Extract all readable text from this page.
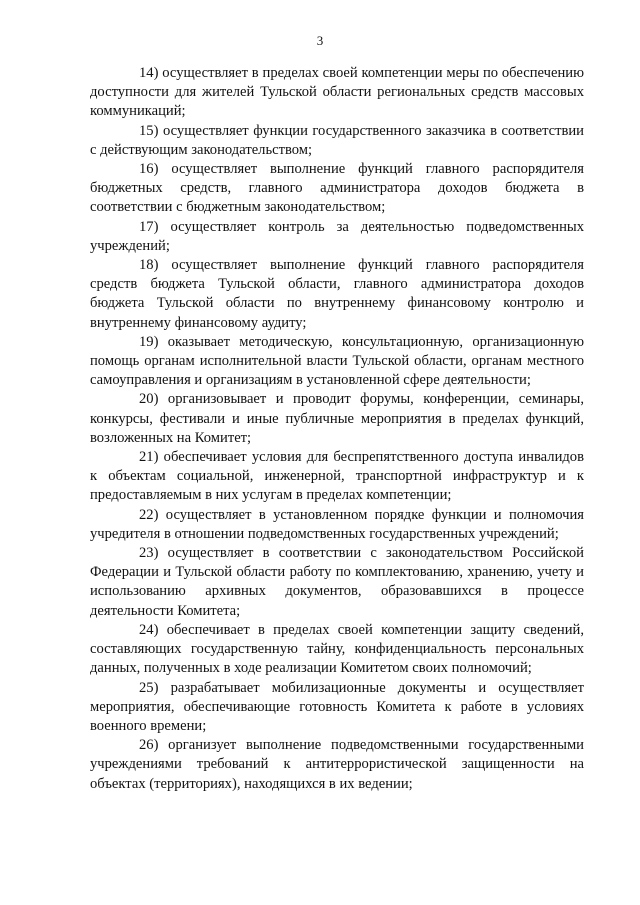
3

14) осуществляет в пределах своей компетенции меры по обеспечению доступности для жителей Тульской области региональных средств массовых коммуникаций;

15) осуществляет функции государственного заказчика в соответствии с действующим законодательством;

16) осуществляет выполнение функций главного распорядителя бюджетных средств, главного администратора доходов бюджета в соответствии с бюджетным законодательством;

17) осуществляет контроль за деятельностью подведомственных учреждений;

18) осуществляет выполнение функций главного распорядителя средств бюджета Тульской области, главного администратора доходов бюджета Тульской области по внутреннему финансовому контролю и внутреннему финансовому аудиту;

19) оказывает методическую, консультационную, организационную помощь органам исполнительной власти Тульской области, органам местного самоуправления и организациям в установленной сфере деятельности;

20) организовывает и проводит форумы, конференции, семинары, конкурсы, фестивали и иные публичные мероприятия в пределах функций, возложенных на Комитет;

21) обеспечивает условия для беспрепятственного доступа инвалидов к объектам социальной, инженерной, транспортной инфраструктур и к предоставляемым в них услугам в пределах компетенции;

22) осуществляет в установленном порядке функции и полномочия учредителя в отношении подведомственных государственных учреждений;

23) осуществляет в соответствии с законодательством Российской Федерации и Тульской области работу по комплектованию, хранению, учету и использованию архивных документов, образовавшихся в процессе деятельности Комитета;

24) обеспечивает в пределах своей компетенции защиту сведений, составляющих государственную тайну, конфиденциальность персональных данных, полученных в ходе реализации Комитетом своих полномочий;

25) разрабатывает мобилизационные документы и осуществляет мероприятия, обеспечивающие готовность Комитета к работе в условиях военного времени;

26) организует выполнение подведомственными государственными учреждениями требований к антитеррористической защищенности на объектах (территориях), находящихся в их ведении;
